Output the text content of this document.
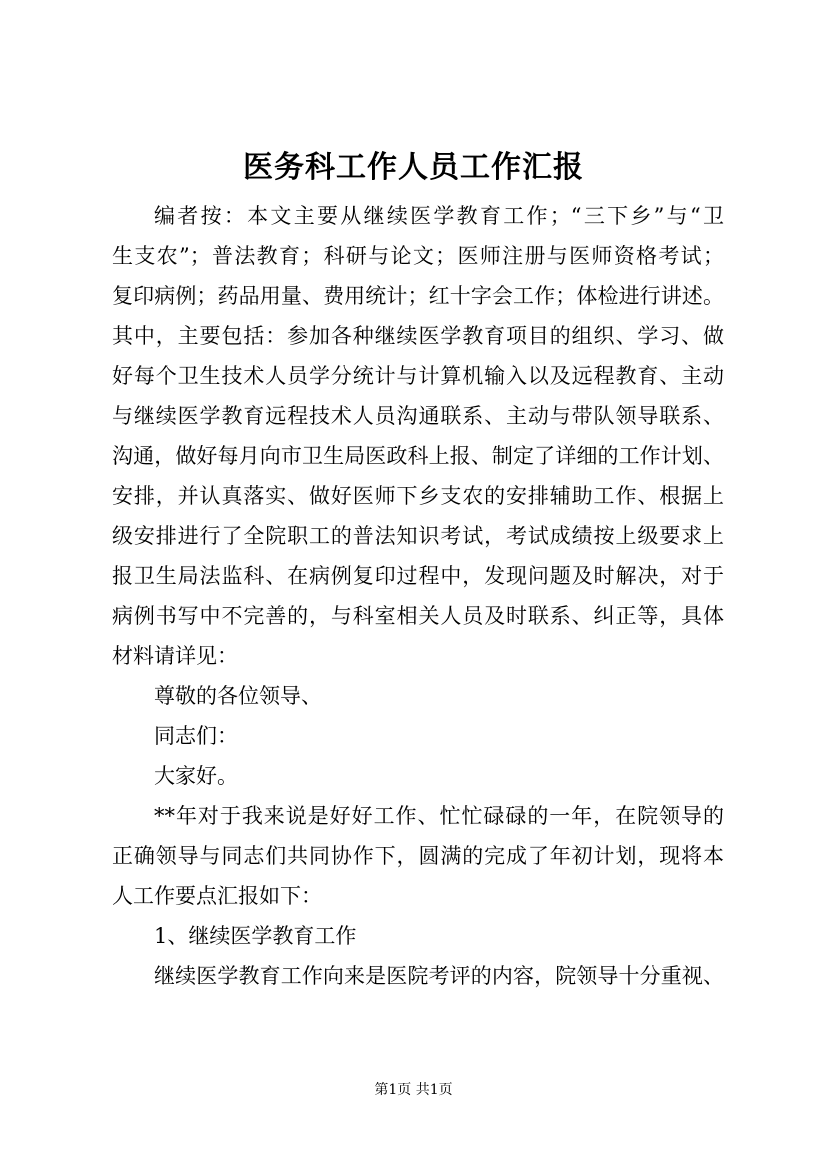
医务科工作人员工作汇报
编者按：本文主要从继续医学教育工作；“三下乡”与“卫
生支农”；普法教育；科研与论文；医师注册与医师资格考试；
复印病例；药品用量、费用统计；红十字会工作；体检进行讲述。
其中，主要包括：参加各种继续医学教育项目的组织、学习、做
好每个卫生技术人员学分统计与计算机输入以及远程教育、主动
与继续医学教育远程技术人员沟通联系、主动与带队领导联系、
沟通，做好每月向市卫生局医政科上报、制定了详细的工作计划、
安排，并认真落实、做好医师下乡支农的安排辅助工作、根据上
级安排进行了全院职工的普法知识考试，考试成绩按上级要求上
报卫生局法监科、在病例复印过程中，发现问题及时解决，对于
病例书写中不完善的，与科室相关人员及时联系、纠正等，具体
材料请详见：
尊敬的各位领导、
同志们：
大家好。
**年对于我来说是好好工作、忙忙碌碌的一年，在院领导的
正确领导与同志们共同协作下，圆满的完成了年初计划，现将本
人工作要点汇报如下：
1、继续医学教育工作
继续医学教育工作向来是医院考评的内容，院领导十分重视、
第1页 共1页
